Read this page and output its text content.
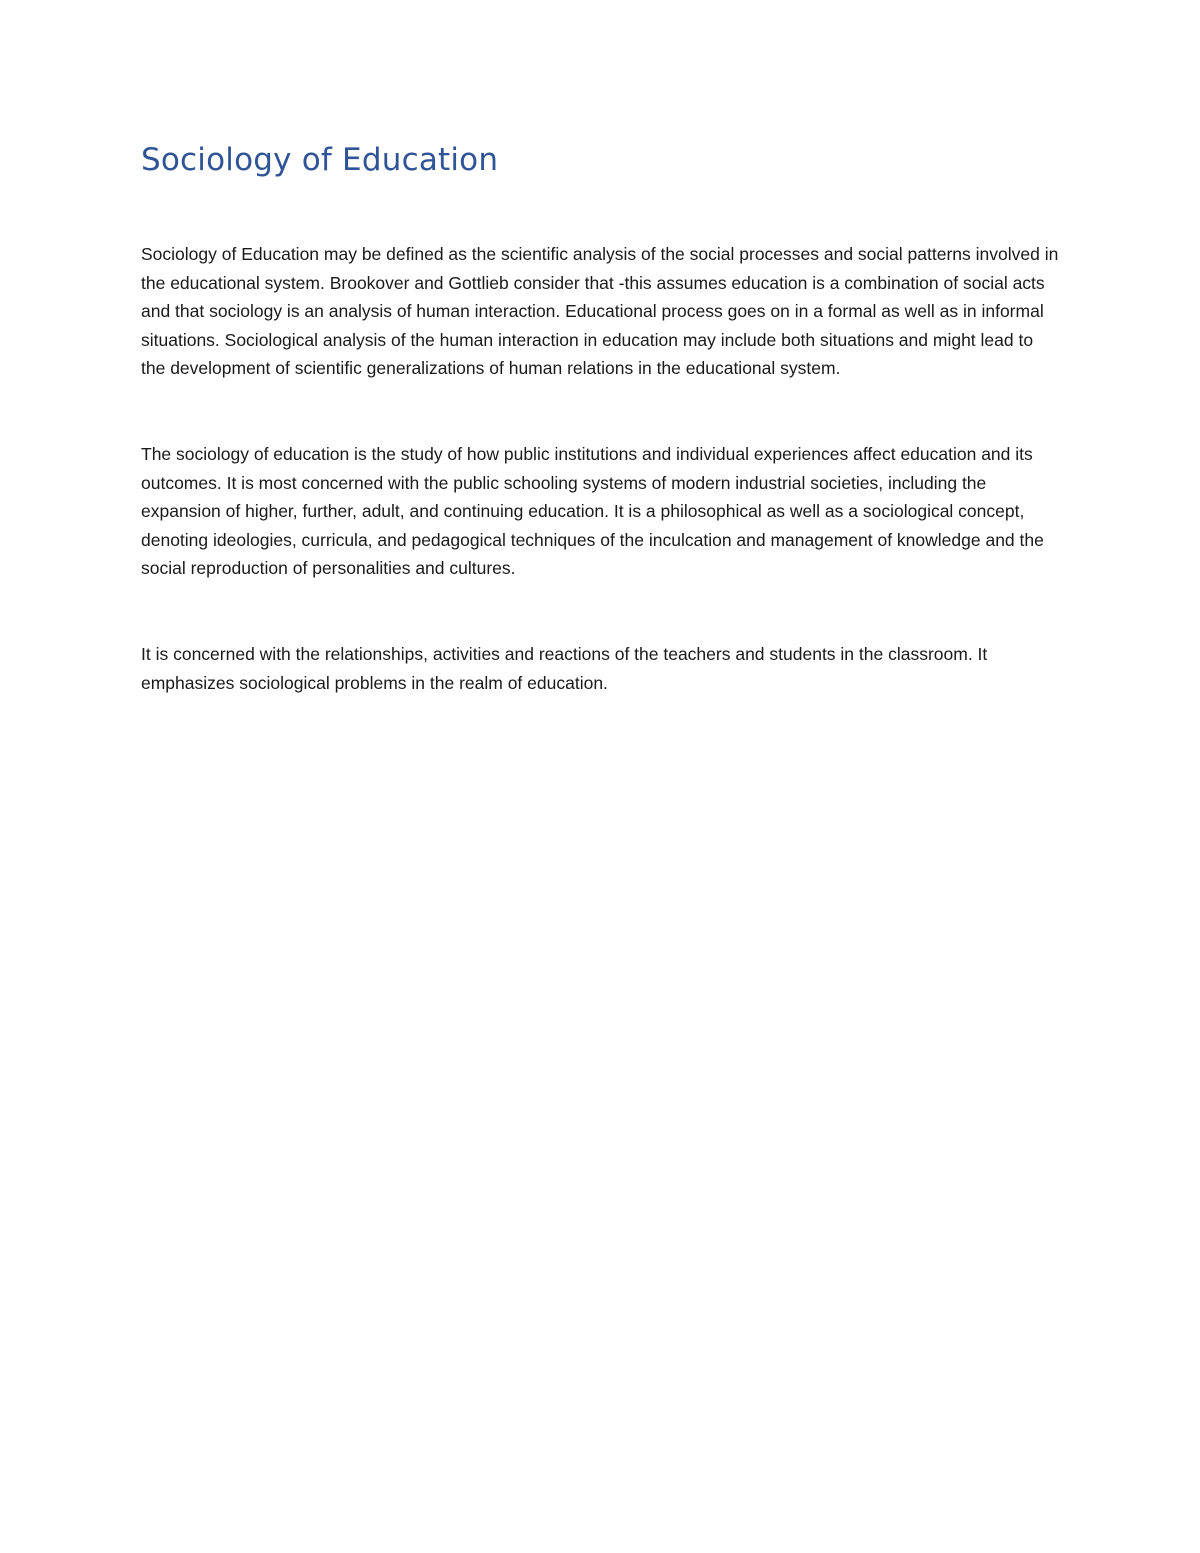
Sociology of Education

Sociology of Education may be defined as the scientific analysis of the social processes and social patterns involved in the educational system. Brookover and Gottlieb consider that -this assumes education is a combination of social acts and that sociology is an analysis of human interaction. Educational process goes on in a formal as well as in informal situations. Sociological analysis of the human interaction in education may include both situations and might lead to the development of scientific generalizations of human relations in the educational system.

The sociology of education is the study of how public institutions and individual experiences affect education and its outcomes. It is most concerned with the public schooling systems of modern industrial societies, including the expansion of higher, further, adult, and continuing education. It is a philosophical as well as a sociological concept, denoting ideologies, curricula, and pedagogical techniques of the inculcation and management of knowledge and the social reproduction of personalities and cultures.

It is concerned with the relationships, activities and reactions of the teachers and students in the classroom. It emphasizes sociological problems in the realm of education.
